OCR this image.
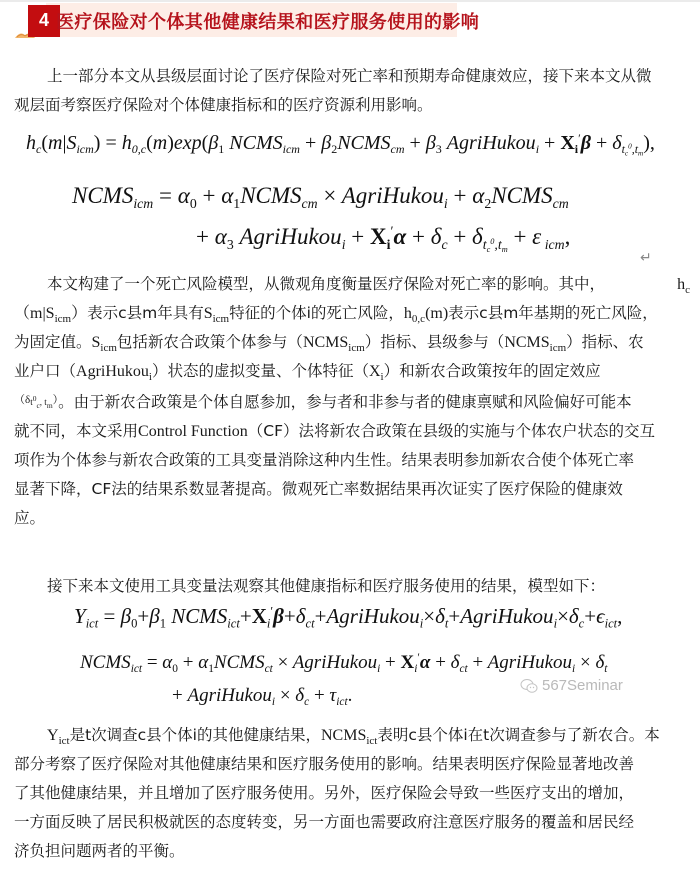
4 医疗保险对个体其他健康结果和医疗服务使用的影响
上一部分本文从县级层面讨论了医疗保险对死亡率和预期寿命健康效应，接下来本文从微
观层面考察医疗保险对个体健康指标和的医疗资源利用影响。
$h_c(m|S_{icm}) = h_{0,c}(m)\exp(\beta_1$ $NCMS_{icm}$ + $\beta_2NCMS_{cm} + \beta_3$ AgriHukou$_i$ + $X_i'\beta + \delta_{t_c^0,t_m}$),
$NCMS_{icm} = \alpha_0$ + $\alpha_1NCMS_{cm}$ × AgriHukou$_i$ + $\alpha_2NCMS_{cm}$
+ $\alpha_3$ AgriHukou$_i$ + $X_i'\alpha + \delta_c + \delta_{t_c^0,t_m} + \varepsilon$ $_{icm}$,
↵
本文构建了一个死亡风险模型，从微观角度衡量医疗保险对死亡率的影响。其中，	$h_c$
$(m|S_{icm})$表示c县m年具有$S_{icm}$特征的个体i的死亡风险，$h_{0,c}(m)$表示c县m年基期的死亡风险，
为固定值。$S_{icm}$包括新农合政策个体参与$(NCMS_{icm})$指标、县级参与$(NCMS_{icm})$指标、农
业户口（AgriHukou$_i$）状态的虚拟变量、个体特征$(X_i)$和新农合政策按年的固定效应
$^{(\delta_{t^0_c, t_m})}$。由于新农合政策是个体自愿参加，参与者和非参与者的健康禀赋和风险偏好可能本
就不同，本文采用Control Function（CF）法将新农合政策在县级的实施与个体农户状态的交互
项作为个体参与新农合政策的工具变量消除这种内生性。结果表明参加新农合使个体死亡率
显著下降，CF法的结果系数显著提高。微观死亡率数据结果再次证实了医疗保险的健康效
应。
接下来本文使用工具变量法观察其他健康指标和医疗服务使用的结果，模型如下：
$Y_{ict} = \beta_0+\beta_1$ $NCMS_{ict}+X_i'\beta+\delta_{ct}+AgriHukou_i\times\delta_t+AgriHukou_i\times\delta_c+\epsilon_{ict}$,
$NCMS_{ict} = \alpha_0$ + $\alpha_1NCMS_{ct}$ × AgriHukou$_i$ + $X_i'\alpha + \delta_{ct}$ + AgriHukou$_i$ × $\delta_t$
+ AgriHukou$_i$ × $\delta_c + \tau_{ict}$.	567Seminar
$Y_{ict}$是t次调查c县个体i的其他健康结果，$NCMS_{ict}$表明c县个体i在t次调查参与了新农合。本
部分考察了医疗保险对其他健康结果和医疗服务使用的影响。结果表明医疗保险显著地改善
了其他健康结果，并且增加了医疗服务使用。另外，医疗保险会导致一些医疗支出的增加，
一方面反映了居民积极就医的态度转变，另一方面也需要政府注意医疗服务的覆盖和居民经
济负担问题两者的平衡。
